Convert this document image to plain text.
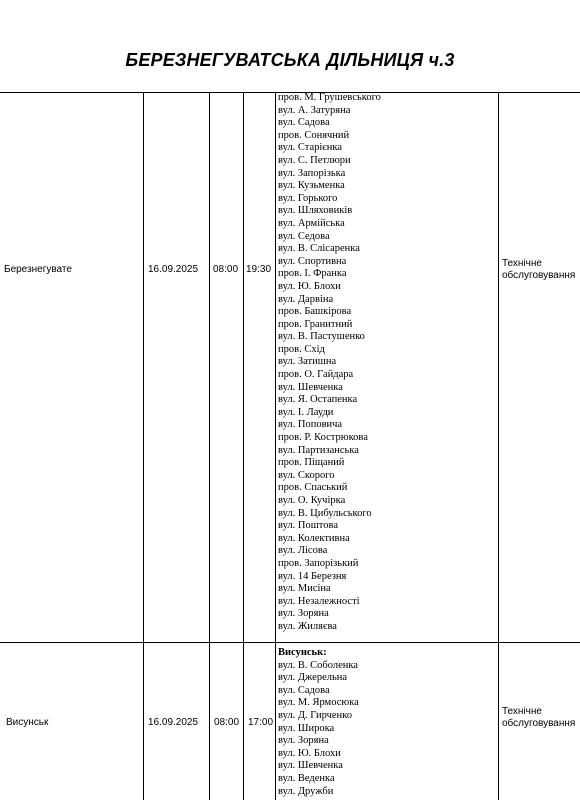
БЕРЕЗНЕГУВАТСЬКА ДІЛЬНИЦЯ ч.3
Березнегувате	16.09.2025 08:00 19:30
пров. М. Грушевського
вул. А. Затуряна
вул. Садова
пров. Сонячний
вул. Старієнка
вул. С. Петлюри
вул. Запорізька
вул. Кузьменка
вул. Горького
вул. Шляховиків
вул. Армійська
вул. Седова
вул. В. Слісаренка
вул. Спортивна
пров. І. Франка
вул. Ю. Блохи
вул. Дарвіна
пров. Башкірова
пров. Гранитний
вул. В. Пастушенко
пров. Схід
вул. Затишна
пров. О. Гайдара
вул. Шевченка
вул. Я. Остапенка
вул. І. Лауди
вул. Поповича
пров. Р. Кострюкова
вул. Партизанська
пров. Піщаний
вул. Скорого
пров. Спаський
вул. О. Кучірка
вул. В. Цибульського
вул. Поштова
вул. Колективна
вул. Лісова
пров. Запорізький
вул. 14 Березня
вул. Мисіна
вул. Незалежності
вул. Зоряна
вул. Жиляєва
Технічне обслуговування
Висунськ	16.09.2025 08:00 17:00
Висунськ:
вул. В. Соболенка
вул. Джерельна
вул. Садова
вул. М. Ярмосюка
вул. Д. Гирченко
вул. Широка
вул. Зоряна
вул. Ю. Блохи
вул. Шевченка
вул. Веденка
вул. Дружби
Технічне обслуговування
